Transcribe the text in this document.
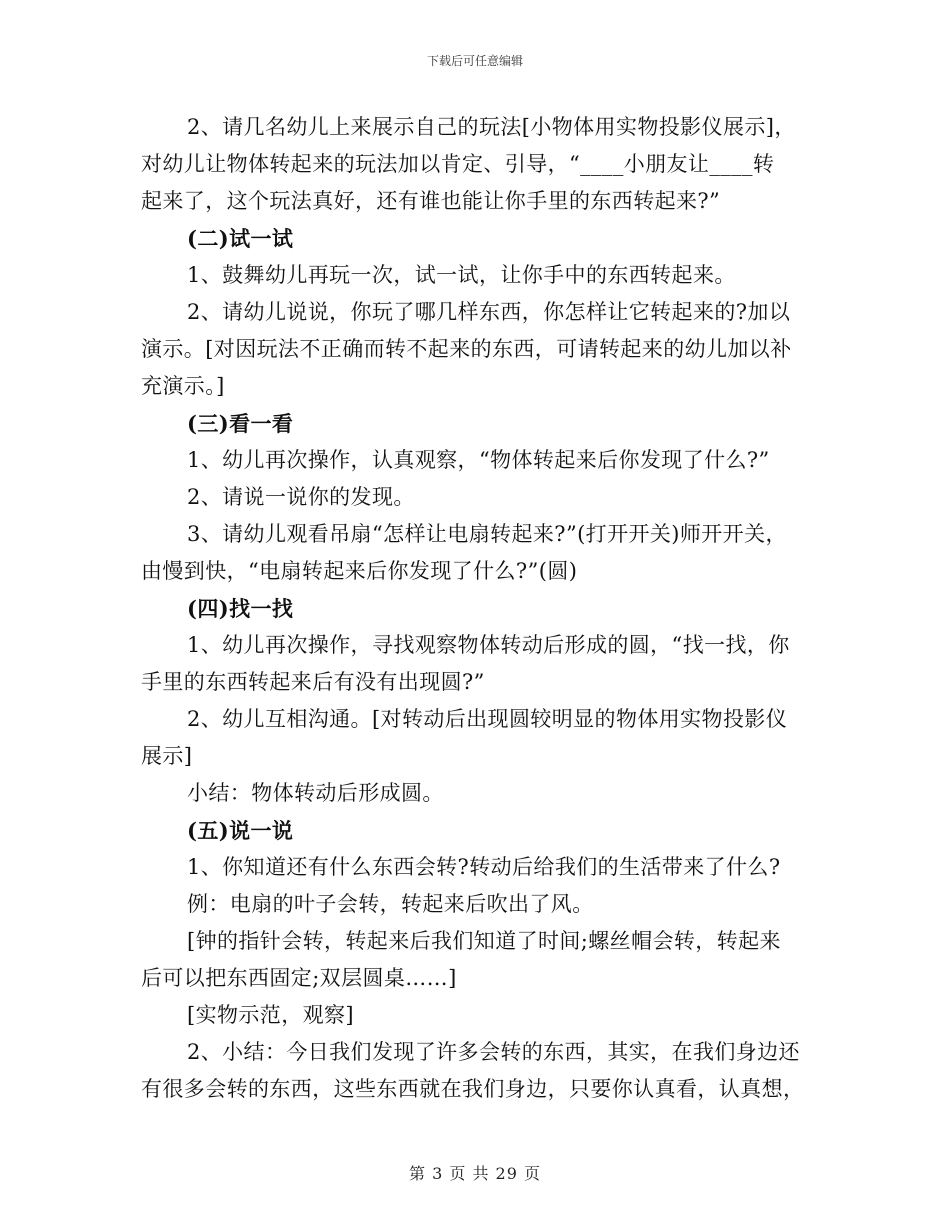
下载后可任意编辑
2、请几名幼儿上来展示自己的玩法[小物体用实物投影仪展示]，
对幼儿让物体转起来的玩法加以肯定、引导，“____小朋友让____转
起来了，这个玩法真好，还有谁也能让你手里的东西转起来?”
(二)试一试
1、鼓舞幼儿再玩一次，试一试，让你手中的东西转起来。
2、请幼儿说说，你玩了哪几样东西，你怎样让它转起来的?加以
演示。[对因玩法不正确而转不起来的东西，可请转起来的幼儿加以补
充演示。]
(三)看一看
1、幼儿再次操作，认真观察，“物体转起来后你发现了什么?”
2、请说一说你的发现。
3、请幼儿观看吊扇“怎样让电扇转起来?”(打开开关)师开开关，
由慢到快，“电扇转起来后你发现了什么?”(圆)
(四)找一找
1、幼儿再次操作，寻找观察物体转动后形成的圆，“找一找，你
手里的东西转起来后有没有出现圆?”
2、幼儿互相沟通。[对转动后出现圆较明显的物体用实物投影仪
展示]
小结：物体转动后形成圆。
(五)说一说
1、你知道还有什么东西会转?转动后给我们的生活带来了什么?
例：电扇的叶子会转，转起来后吹出了风。
[钟的指针会转，转起来后我们知道了时间;螺丝帽会转，转起来
后可以把东西固定;双层圆桌……]
[实物示范，观察]
2、小结：今日我们发现了许多会转的东西，其实，在我们身边还
有很多会转的东西，这些东西就在我们身边，只要你认真看，认真想，
第 3 页 共 29 页
